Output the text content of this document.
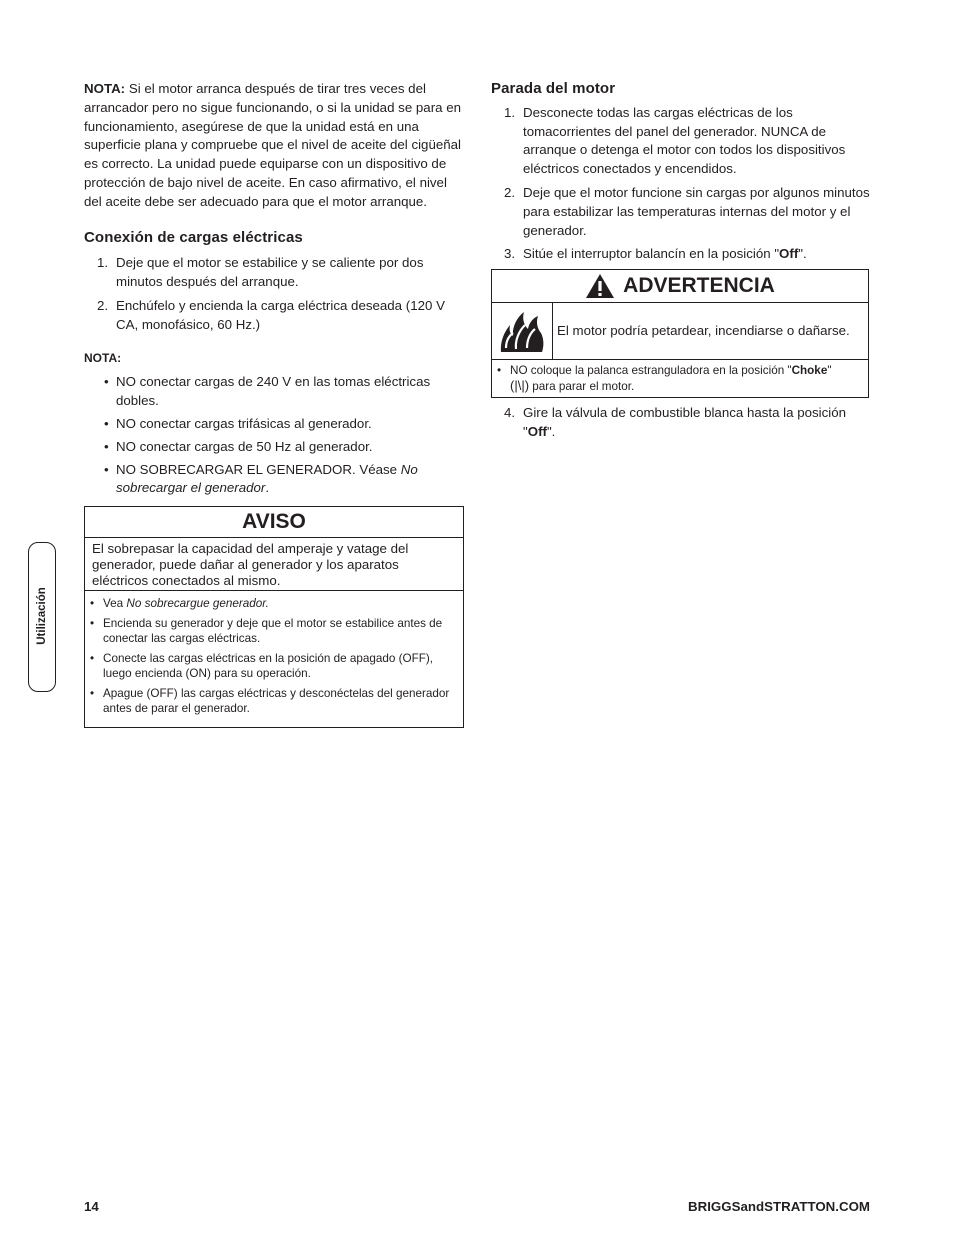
NOTA: Si el motor arranca después de tirar tres veces del arrancador pero no sigue funcionando, o si la unidad se para en funcionamiento, asegúrese de que la unidad está en una superficie plana y compruebe que el nivel de aceite del cigüeñal es correcto. La unidad puede equiparse con un dispositivo de protección de bajo nivel de aceite. En caso afirmativo, el nivel del aceite debe ser adecuado para que el motor arranque.

Conexión de cargas eléctricas
1. Deje que el motor se estabilice y se caliente por dos minutos después del arranque.
2. Enchúfelo y encienda la carga eléctrica deseada (120 V CA, monofásico, 60 Hz.)
NOTA:
• NO conectar cargas de 240 V en las tomas eléctricas dobles.
• NO conectar cargas trifásicas al generador.
• NO conectar cargas de 50 Hz al generador.
• NO SOBRECARGAR EL GENERADOR. Véase No sobrecargar el generador.
AVISO
El sobrepasar la capacidad del amperaje y vatage del generador, puede dañar al generador y los aparatos eléctricos conectados al mismo.
• Vea No sobrecargue generador.
• Encienda su generador y deje que el motor se estabilice antes de conectar las cargas eléctricas.
• Conecte las cargas eléctricas en la posición de apagado (OFF), luego encienda (ON) para su operación.
• Apague (OFF) las cargas eléctricas y desconéctelas del generador antes de parar el generador.
Parada del motor
1. Desconecte todas las cargas eléctricas de los tomacorrientes del panel del generador. NUNCA de arranque o detenga el motor con todos los dispositivos eléctricos conectados y encendidos.
2. Deje que el motor funcione sin cargas por algunos minutos para estabilizar las temperaturas internas del motor y el generador.
3. Sitúe el interruptor balancín en la posición "Off".
ADVERTENCIA
El motor podría petardear, incendiarse o dañarse.
• NO coloque la palanca estranguladora en la posición "Choke"
(|\|) para parar el motor.
4. Gire la válvula de combustible blanca hasta la posición "Off".
Utilización
14	BRIGGSandSTRATTON.COM
